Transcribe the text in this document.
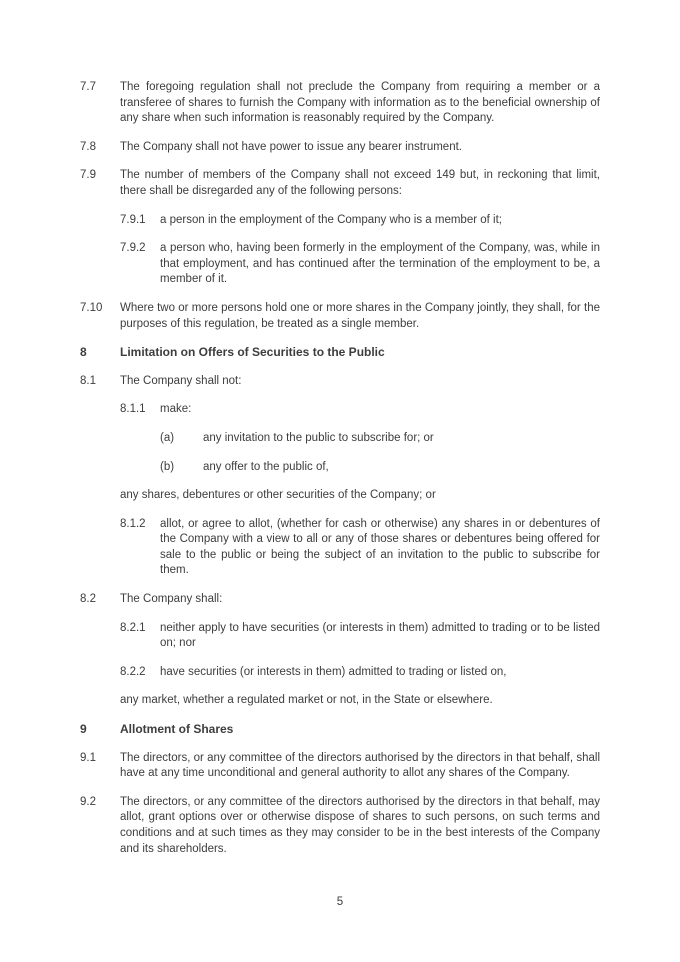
7.7	The foregoing regulation shall not preclude the Company from requiring a member or a transferee of shares to furnish the Company with information as to the beneficial ownership of any share when such information is reasonably required by the Company.
7.8	The Company shall not have power to issue any bearer instrument.
7.9	The number of members of the Company shall not exceed 149 but, in reckoning that limit, there shall be disregarded any of the following persons:
7.9.1	a person in the employment of the Company who is a member of it;
7.9.2	a person who, having been formerly in the employment of the Company, was, while in that employment, and has continued after the termination of the employment to be, a member of it.
7.10	Where two or more persons hold one or more shares in the Company jointly, they shall, for the purposes of this regulation, be treated as a single member.
8	Limitation on Offers of Securities to the Public
8.1	The Company shall not:
8.1.1	make:
(a)	any invitation to the public to subscribe for; or
(b)	any offer to the public of,
any shares, debentures or other securities of the Company; or
8.1.2	allot, or agree to allot, (whether for cash or otherwise) any shares in or debentures of the Company with a view to all or any of those shares or debentures being offered for sale to the public or being the subject of an invitation to the public to subscribe for them.
8.2	The Company shall:
8.2.1	neither apply to have securities (or interests in them) admitted to trading or to be listed on; nor
8.2.2	have securities (or interests in them) admitted to trading or listed on,
any market, whether a regulated market or not, in the State or elsewhere.
9	Allotment of Shares
9.1	The directors, or any committee of the directors authorised by the directors in that behalf, shall have at any time unconditional and general authority to allot any shares of the Company.
9.2	The directors, or any committee of the directors authorised by the directors in that behalf, may allot, grant options over or otherwise dispose of shares to such persons, on such terms and conditions and at such times as they may consider to be in the best interests of the Company and its shareholders.
5
